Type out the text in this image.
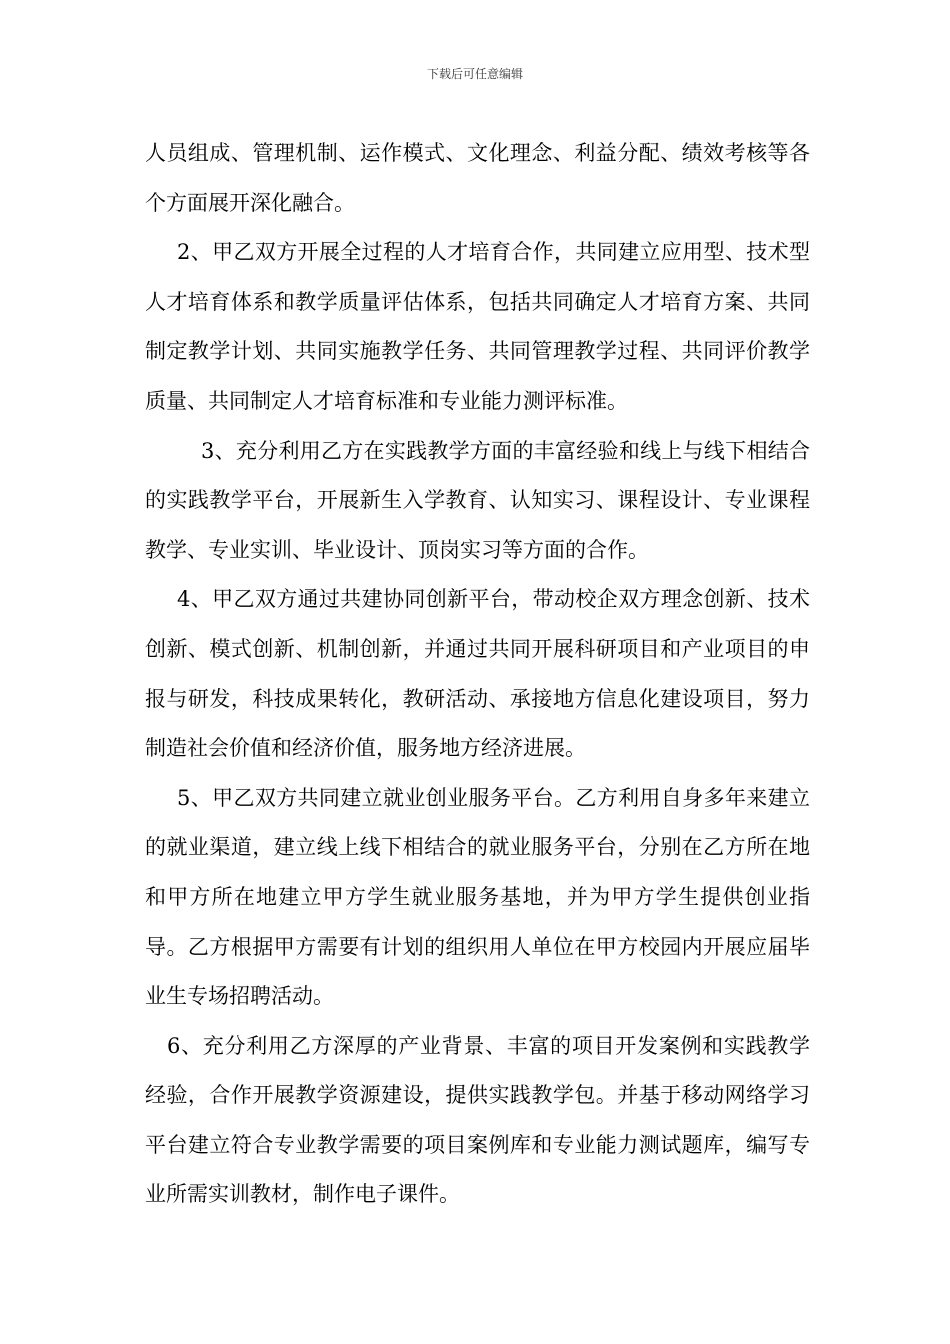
下载后可任意编辑

人员组成、管理机制、运作模式、文化理念、利益分配、绩效考核等各个方面展开深化融合。

2、甲乙双方开展全过程的人才培育合作，共同建立应用型、技术型人才培育体系和教学质量评估体系，包括共同确定人才培育方案、共同制定教学计划、共同实施教学任务、共同管理教学过程、共同评价教学质量、共同制定人才培育标准和专业能力测评标准。

3、充分利用乙方在实践教学方面的丰富经验和线上与线下相结合的实践教学平台，开展新生入学教育、认知实习、课程设计、专业课程教学、专业实训、毕业设计、顶岗实习等方面的合作。

4、甲乙双方通过共建协同创新平台，带动校企双方理念创新、技术创新、模式创新、机制创新，并通过共同开展科研项目和产业项目的申报与研发，科技成果转化，教研活动、承接地方信息化建设项目，努力制造社会价值和经济价值，服务地方经济进展。

5、甲乙双方共同建立就业创业服务平台。乙方利用自身多年来建立的就业渠道，建立线上线下相结合的就业服务平台，分别在乙方所在地和甲方所在地建立甲方学生就业服务基地，并为甲方学生提供创业指导。乙方根据甲方需要有计划的组织用人单位在甲方校园内开展应届毕业生专场招聘活动。

6、充分利用乙方深厚的产业背景、丰富的项目开发案例和实践教学经验，合作开展教学资源建设，提供实践教学包。并基于移动网络学习平台建立符合专业教学需要的项目案例库和专业能力测试题库，编写专业所需实训教材，制作电子课件。
